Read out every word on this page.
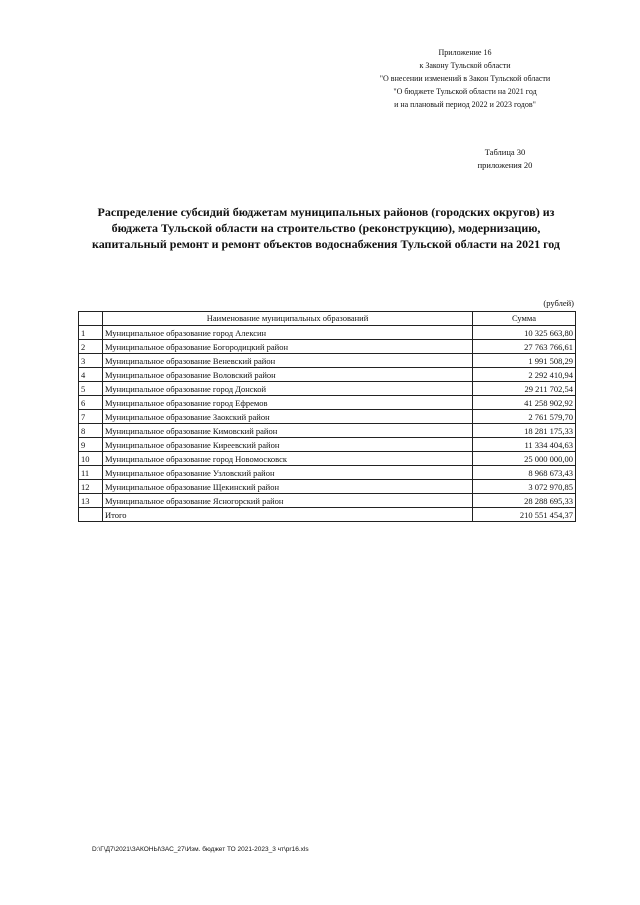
Приложение 16
к Закону Тульской области
"О внесении изменений в Закон Тульской области
"О бюджете Тульской области на 2021 год
и на плановый период 2022 и 2023 годов"
Таблица 30
приложения 20
Распределение субсидий бюджетам муниципальных районов (городских округов) из бюджета Тульской области на строительство (реконструкцию), модернизацию, капитальный ремонт и ремонт объектов водоснабжения Тульской области на 2021 год
(рублей)
	Наименование муниципальных образований	Сумма
1	Муниципальное образование город Алексин	10 325 663,80
2	Муниципальное образование Богородицкий район	27 763 766,61
3	Муниципальное образование Веневский район	1 991 508,29
4	Муниципальное образование Воловский район	2 292 410,94
5	Муниципальное образование город Донской	29 211 702,54
6	Муниципальное образование город Ефремов	41 258 902,92
7	Муниципальное образование Заокский район	2 761 579,70
8	Муниципальное образование Кимовский район	18 281 175,33
9	Муниципальное образование Киреевский район	11 334 404,63
10	Муниципальное образование город Новомосковск	25 000 000,00
11	Муниципальное образование Узловский район	8 968 673,43
12	Муниципальное образование Щекинский район	3 072 970,85
13	Муниципальное образование Ясногорский район	28 288 695,33
	Итого	210 551 454,37
D:\Г\Д7\2021\ЗАКОНЫ\ЗАС_27\Изм. бюджет ТО 2021-2023_3 чт\pr16.xls
